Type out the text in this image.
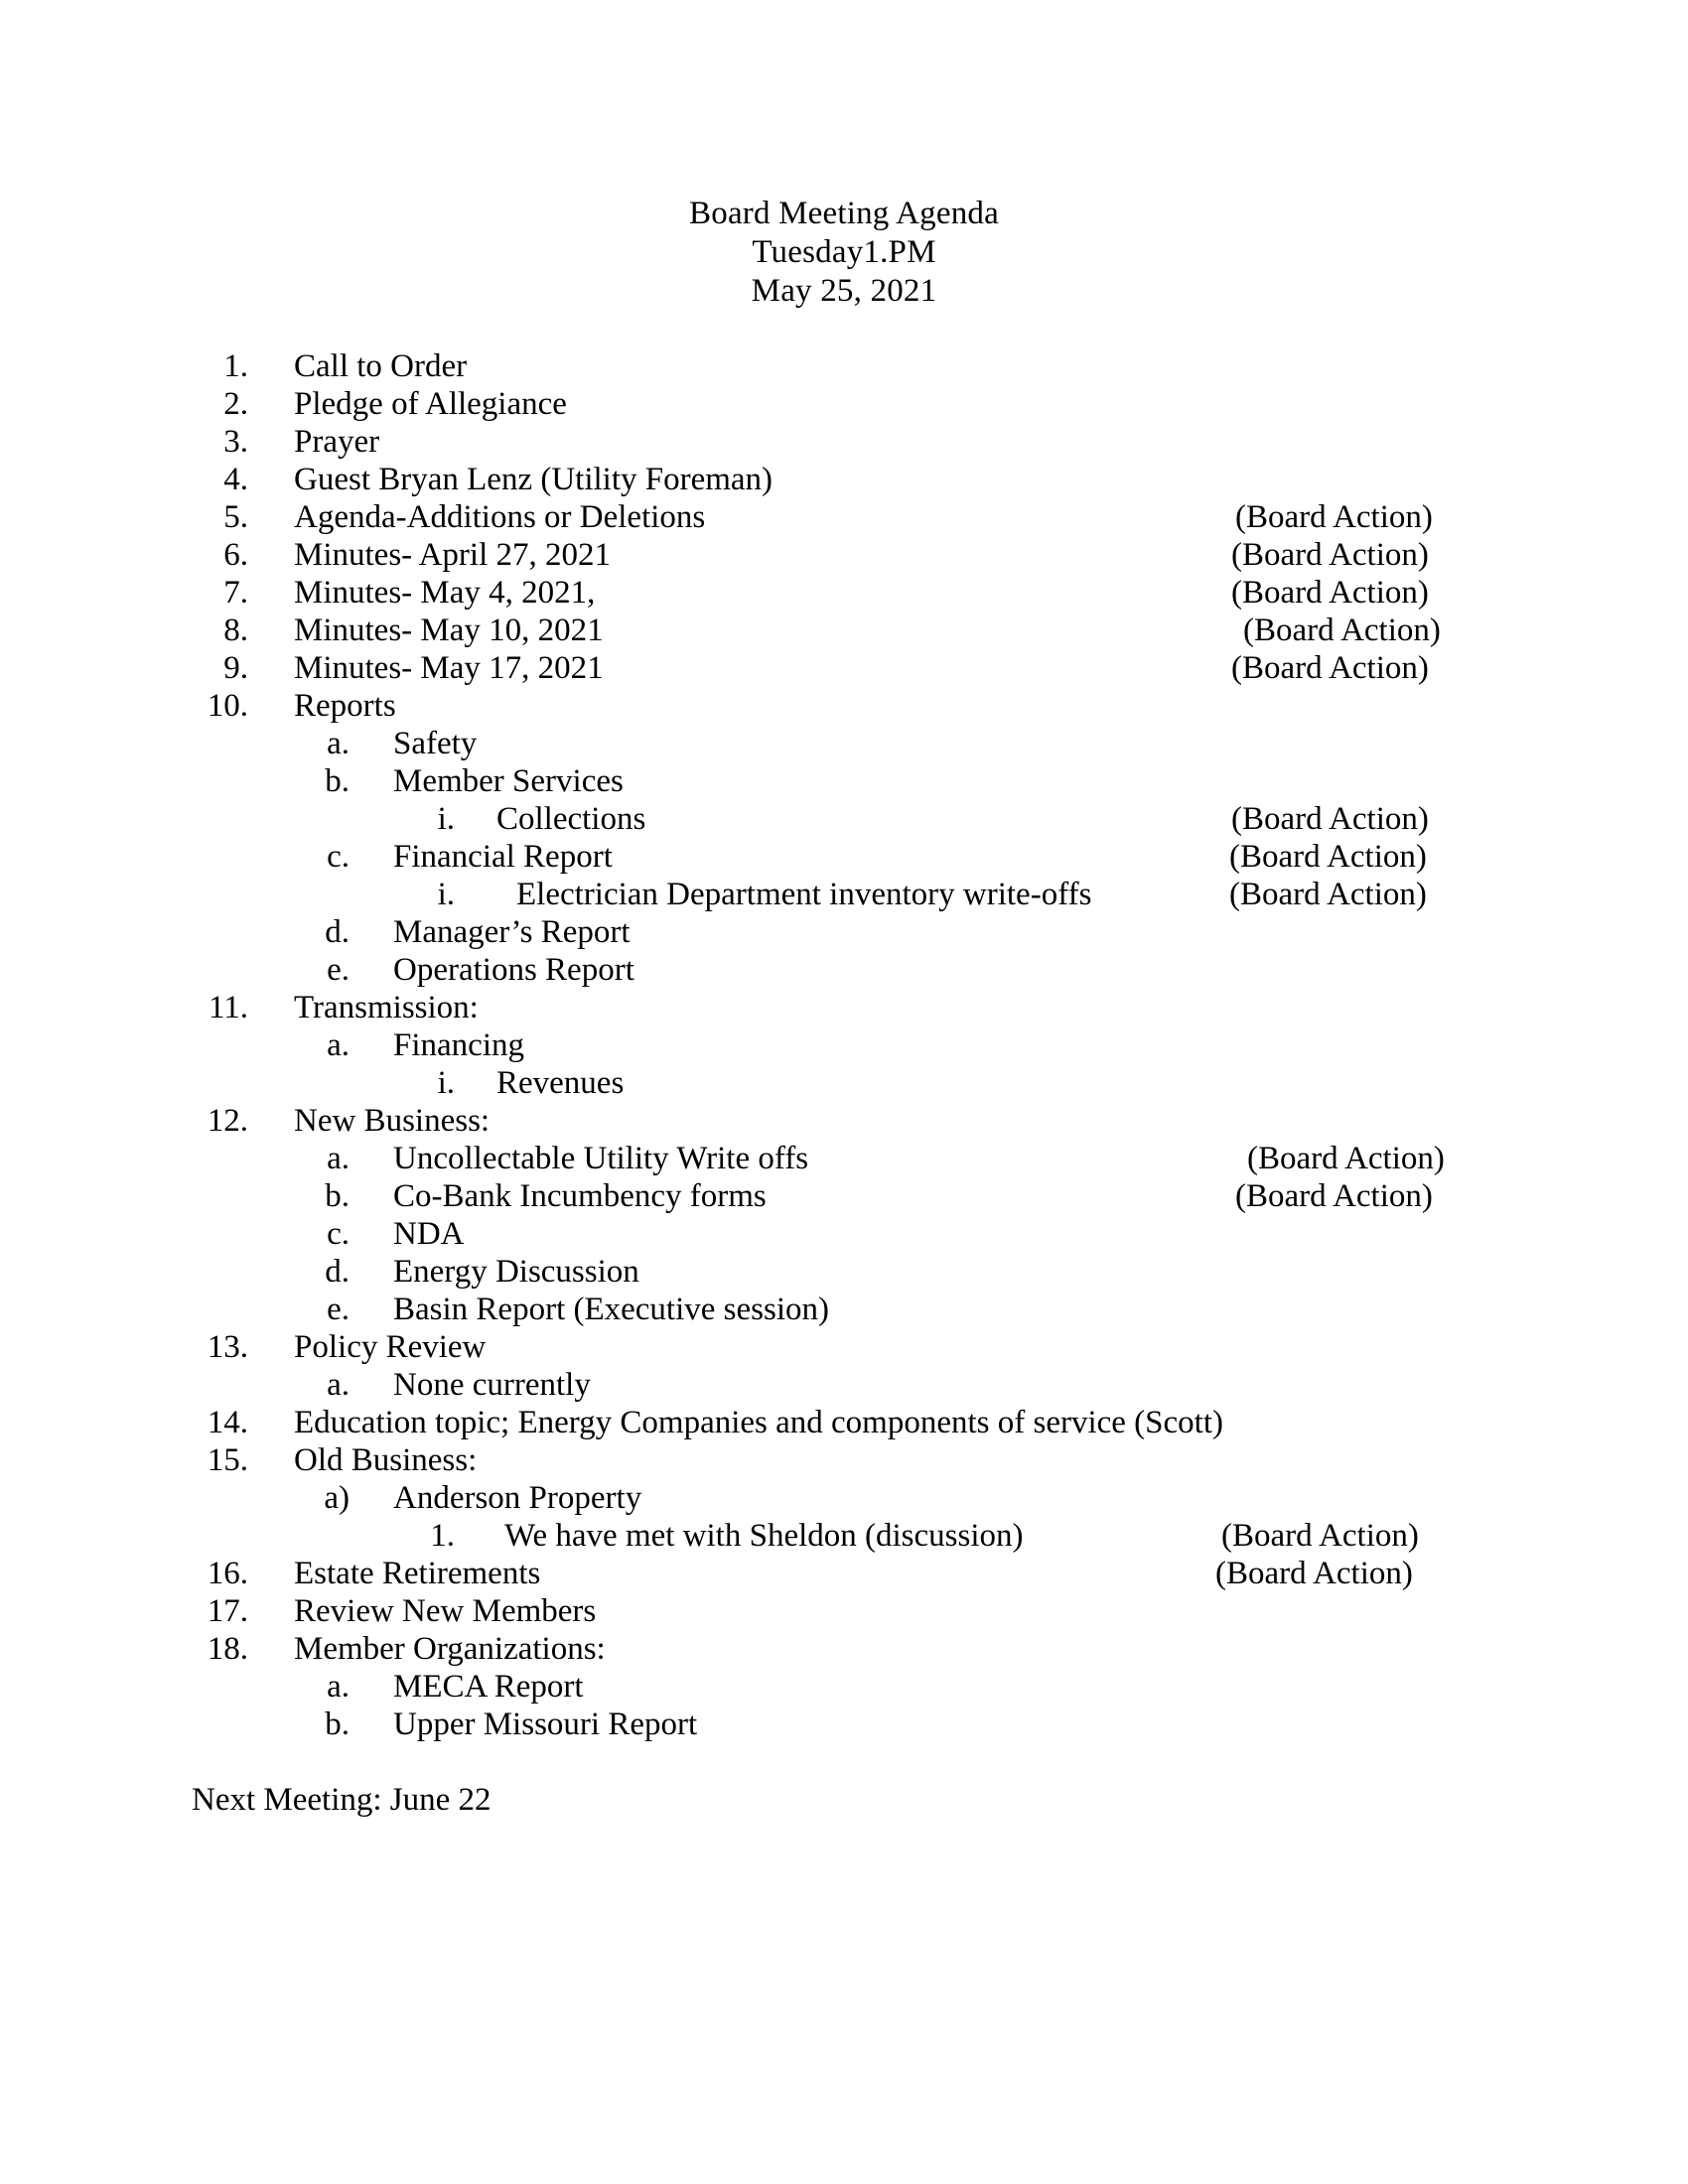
Board Meeting Agenda
Tuesday1.PM
May 25, 2021
1. Call to Order
2. Pledge of Allegiance
3. Prayer
4. Guest Bryan Lenz (Utility Foreman)
5. Agenda-Additions or Deletions	(Board Action)
6. Minutes- April 27, 2021	(Board Action)
7. Minutes- May 4, 2021,	(Board Action)
8. Minutes- May 10, 2021	(Board Action)
9. Minutes- May 17, 2021	(Board Action)
10. Reports
a. Safety
b. Member Services
i. Collections	(Board Action)
c. Financial Report	(Board Action)
i. Electrician Department inventory write-offs	(Board Action)
d. Manager’s Report
e. Operations Report
11. Transmission:
a. Financing
i. Revenues
12. New Business:
a. Uncollectable Utility Write offs	(Board Action)
b. Co-Bank Incumbency forms	(Board Action)
c. NDA
d. Energy Discussion
e. Basin Report (Executive session)
13. Policy Review
a. None currently
14. Education topic; Energy Companies and components of service (Scott)
15. Old Business:
a) Anderson Property
1. We have met with Sheldon (discussion)	(Board Action)
16. Estate Retirements	(Board Action)
17. Review New Members
18. Member Organizations:
a. MECA Report
b. Upper Missouri Report
Next Meeting: June 22
